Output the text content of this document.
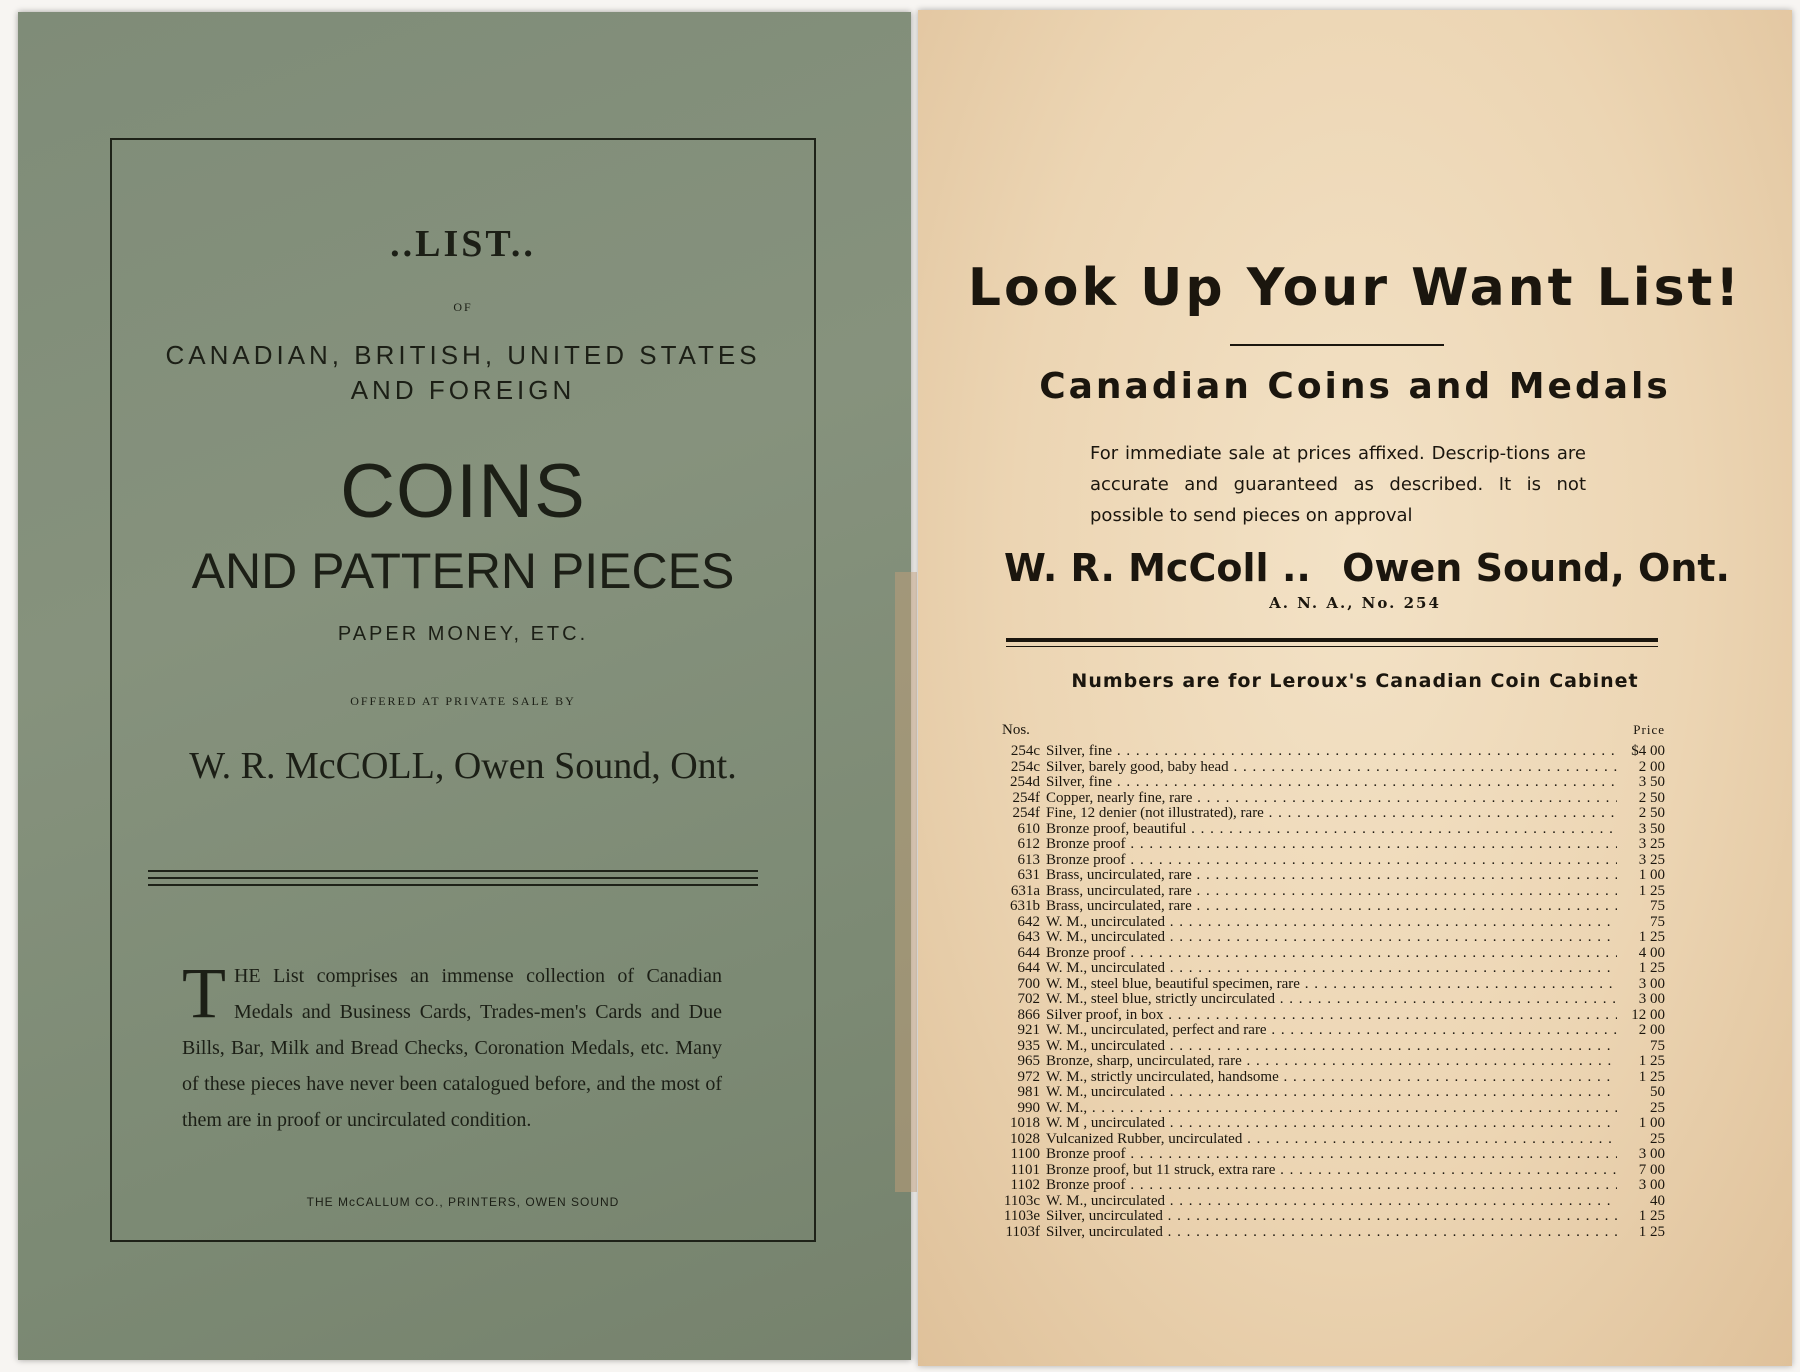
..LIST..
OF
CANADIAN, BRITISH, UNITED STATES
AND FOREIGN
COINS
AND PATTERN PIECES
PAPER MONEY, ETC.
OFFERED AT PRIVATE SALE BY
W. R. McCOLL, Owen Sound, Ont.
T HE List comprises an immense collection of Canadian Medals and Business Cards, Trades-men's Cards and Due Bills, Bar, Milk and Bread Checks, Coronation Medals, etc. Many of these pieces have never been catalogued before, and the most of them are in proof or uncirculated condition.
THE McCALLUM CO., PRINTERS, OWEN SOUND
Look Up Your Want List!
Canadian Coins and Medals
For immediate sale at prices affixed. Descrip-tions are accurate and guaranteed as described. It is not possible to send pieces on approval
W. R. McColl .. Owen Sound, Ont.
A. N. A., No. 254
Numbers are for Leroux's Canadian Coin Cabinet
Nos.	Price
254c Silver, fine . . .	$4 00
254c Silver, barely good, baby head . . .	2 00
254d Silver, fine . . .	3 50
254f Copper, nearly fine, rare . . .	2 50
254f Fine, 12 denier (not illustrated), rare . . .	2 50
610 Bronze proof, beautiful . . .	3 50
612 Bronze proof . . .	3 25
613 Bronze proof . . .	3 25
631 Brass, uncirculated, rare . . .	1 00
631a Brass, uncirculated, rare . . .	1 25
631b Brass, uncirculated, rare . . .	75
642 W. M., uncirculated . . .	75
643 W. M., uncirculated . . .	1 25
644 Bronze proof . . .	4 00
644 W. M., uncirculated . . .	1 25
700 W. M., steel blue, beautiful specimen, rare . . .	3 00
702 W. M., steel blue, strictly uncirculated . . .	3 00
866 Silver proof, in box . . .	12 00
921 W. M., uncirculated, perfect and rare . . .	2 00
935 W. M., uncirculated . . .	75
965 Bronze, sharp, uncirculated, rare . . .	1 25
972 W. M., strictly uncirculated, handsome . . .	1 25
981 W. M., uncirculated . . .	50
990 W. M., . . .	25
1018 W. M , uncirculated . . .	1 00
1028 Vulcanized Rubber, uncirculated . . .	25
1100 Bronze proof . . .	3 00
1101 Bronze proof, but 11 struck, extra rare . . .	7 00
1102 Bronze proof . . .	3 00
1103c W. M., uncirculated . . .	40
1103e Silver, uncirculated . . .	1 25
1103f Silver, uncirculated . . .	1 25
